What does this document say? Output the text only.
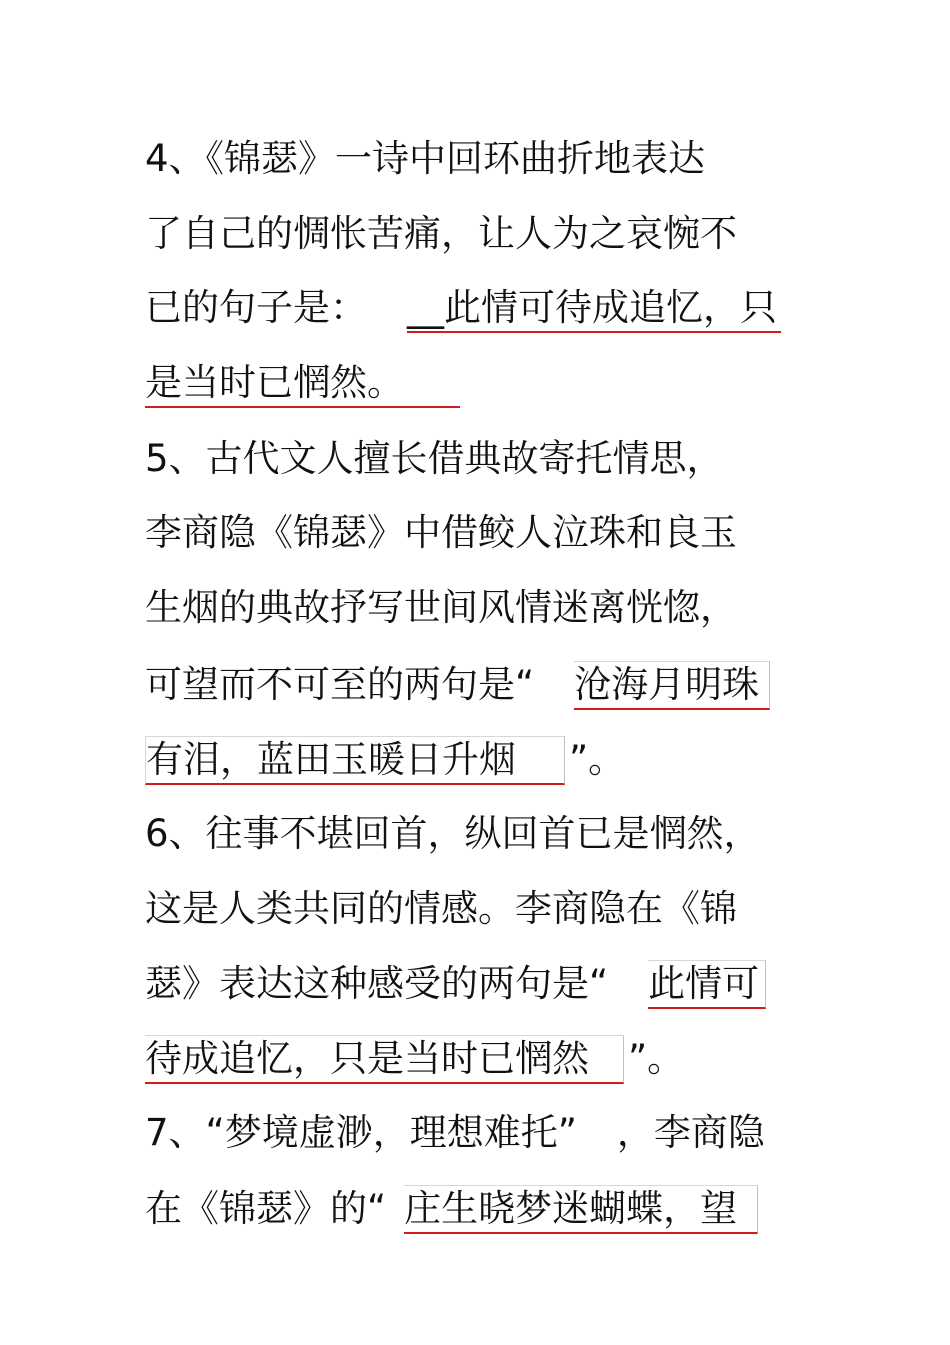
4、《锦瑟》一诗中回环曲折地表达
了自己的惆怅苦痛，让人为之哀惋不
已的句子是： __此情可待成追忆，只
是当时已惘然。
5、古代文人擅长借典故寄托情思，
李商隐《锦瑟》中借鲛人泣珠和良玉
生烟的典故抒写世间风情迷离恍惚，
可望而不可至的两句是“ 沧海月明珠
有泪，蓝田玉暖日升烟 ”。
6、往事不堪回首，纵回首已是惘然，
这是人类共同的情感。李商隐在《锦
瑟》表达这种感受的两句是“ 此情可
待成追忆，只是当时已惘然 ”。
7、“梦境虚渺，理想难托” ，李商隐
在《锦瑟》的“ 庄生晓梦迷蝴蝶，望
